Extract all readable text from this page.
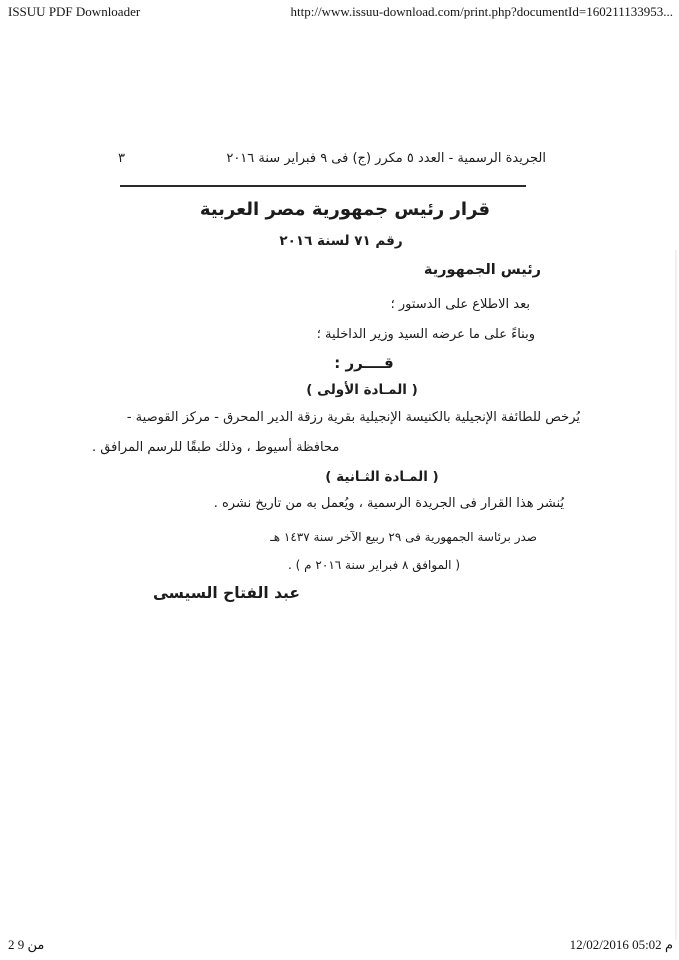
ISSUU PDF Downloader	http://www.issuu-download.com/print.php?documentId=160211133953...
الجريدة الرسمية - العدد ٥ مكرر (ج) فى ٩ فبراير سنة ٢٠١٦
٣
قرار رئيس جمهورية مصر العربية
رقم ٧١ لسنة ٢٠١٦
رئيس الجمهورية
بعد الاطلاع على الدستور ؛
وبناءً على ما عرضه السيد وزير الداخلية ؛
قــــرر :
( المـادة الأولى )
يُرخص للطائفة الإنجيلية بالكنيسة الإنجيلية بقرية رزقة الدير المحرق - مركز القوصية -
محافظة أسيوط ، وذلك طبقًا للرسم المرافق .
( المـادة الثـانية )
يُنشر هذا القرار فى الجريدة الرسمية ، ويُعمل به من تاريخ نشره .
صدر برئاسة الجمهورية فى ٢٩ ربيع الآخر سنة ١٤٣٧ هـ
( الموافق ٨ فبراير سنة ٢٠١٦ م ) .
عبد الفتاح السيسى
2 9 من	12/02/2016 05:02 م
